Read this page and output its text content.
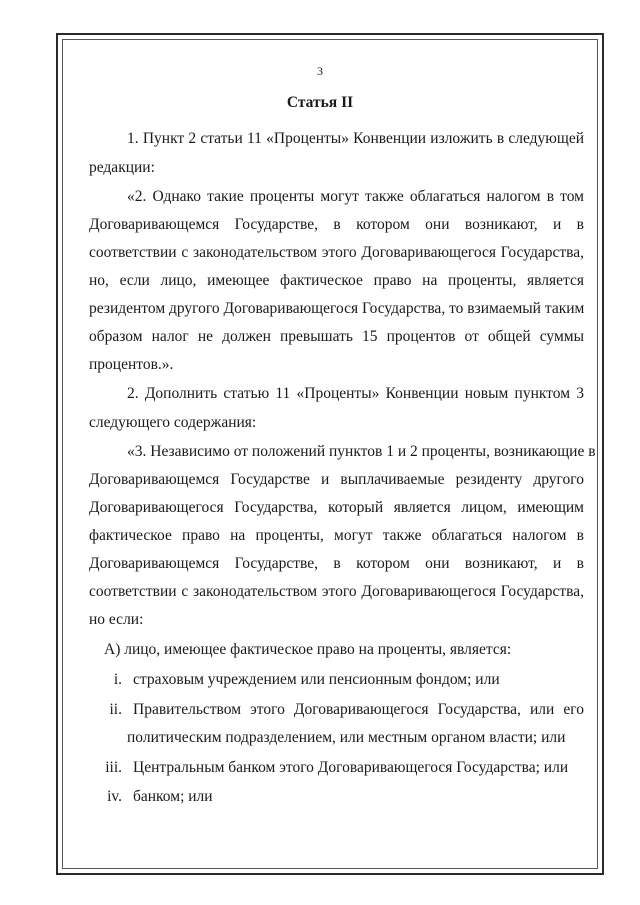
3
Статья II
1. Пункт 2 статьи 11 «Проценты» Конвенции изложить в следующей
редакции:
«2. Однако такие проценты могут также облагаться налогом в том
Договаривающемся Государстве, в котором они возникают, и в
соответствии с законодательством этого Договаривающегося Государства,
но, если лицо, имеющее фактическое право на проценты, является
резидентом другого Договаривающегося Государства, то взимаемый таким
образом налог не должен превышать 15 процентов от общей суммы
процентов.».
2. Дополнить статью 11 «Проценты» Конвенции новым пунктом 3
следующего содержания:
«3. Независимо от положений пунктов 1 и 2 проценты, возникающие в
Договаривающемся Государстве и выплачиваемые резиденту другого
Договаривающегося Государства, который является лицом, имеющим
фактическое право на проценты, могут также облагаться налогом в
Договаривающемся Государстве, в котором они возникают, и в
соответствии с законодательством этого Договаривающегося Государства,
но если:
А) лицо, имеющее фактическое право на проценты, является:
i. страховым учреждением или пенсионным фондом; или
ii. Правительством этого Договаривающегося Государства, или его
политическим подразделением, или местным органом власти; или
iii. Центральным банком этого Договаривающегося Государства; или
iv. банком; или
